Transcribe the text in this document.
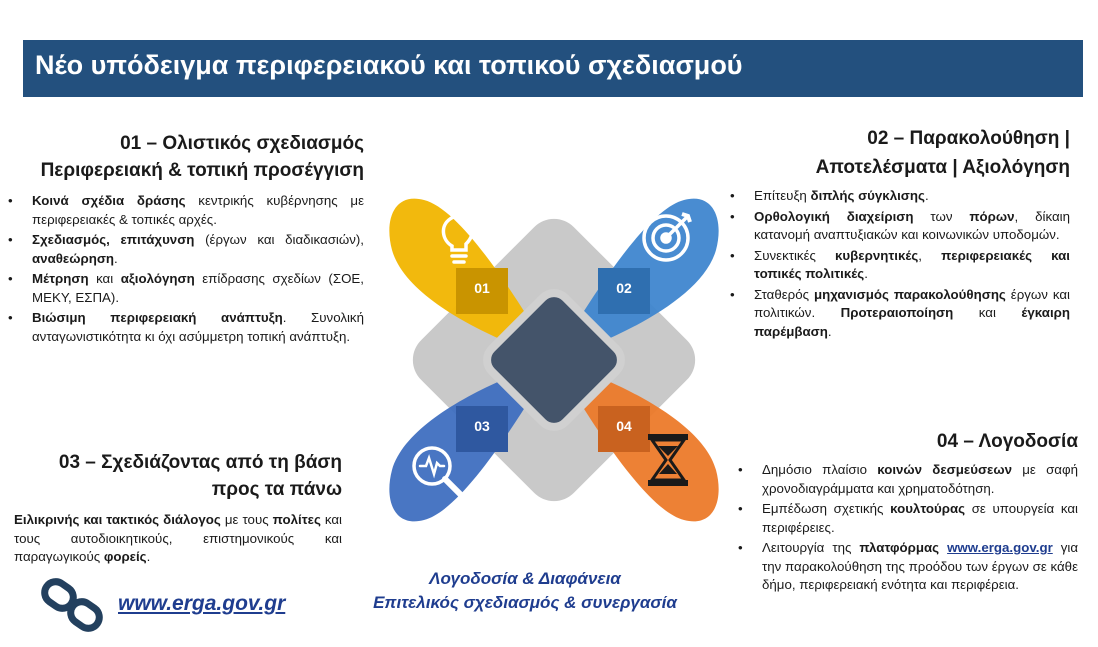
Νέο υπόδειγμα περιφερειακού και τοπικού σχεδιασμού
01 – Ολιστικός σχεδιασμός
Περιφερειακή & τοπική προσέγγιση
• Κοινά σχέδια δράσης κεντρικής κυβέρνησης με περιφερειακές & τοπικές αρχές.
• Σχεδιασμός, επιτάχυνση (έργων και διαδικασιών), αναθεώρηση.
• Μέτρηση και αξιολόγηση επίδρασης σχεδίων (ΣΟΕ, ΜΕΚΥ, ΕΣΠΑ).
• Βιώσιμη περιφερειακή ανάπτυξη. Συνολική ανταγωνιστικότητα κι όχι ασύμμετρη τοπική ανάπτυξη.
02 – Παρακολούθηση |
Αποτελέσματα | Αξιολόγηση
• Επίτευξη διπλής σύγκλισης.
• Ορθολογική διαχείριση των πόρων, δίκαιη κατανομή αναπτυξιακών και κοινωνικών υποδομών.
• Συνεκτικές κυβερνητικές, περιφερειακές και τοπικές πολιτικές.
• Σταθερός μηχανισμός παρακολούθησης έργων και πολιτικών. Προτεραιοποίηση και έγκαιρη παρέμβαση.
03 – Σχεδιάζοντας από τη βάση
προς τα πάνω
Ειλικρινής και τακτικός διάλογος με τους πολίτες και τους αυτοδιοικητικούς, επιστημονικούς και παραγωγικούς φορείς.
04 – Λογοδοσία
• Δημόσιο πλαίσιο κοινών δεσμεύσεων με σαφή χρονοδιαγράμματα και χρηματοδότηση.
• Εμπέδωση σχετικής κουλτούρας σε υπουργεία και περιφέρειες.
• Λειτουργία της πλατφόρμας www.erga.gov.gr για την παρακολούθηση της προόδου των έργων σε κάθε δήμο, περιφερειακή ενότητα και περιφέρεια.
01	02
03	04
www.erga.gov.gr
Λογοδοσία & Διαφάνεια
Επιτελικός σχεδιασμός & συνεργασία
